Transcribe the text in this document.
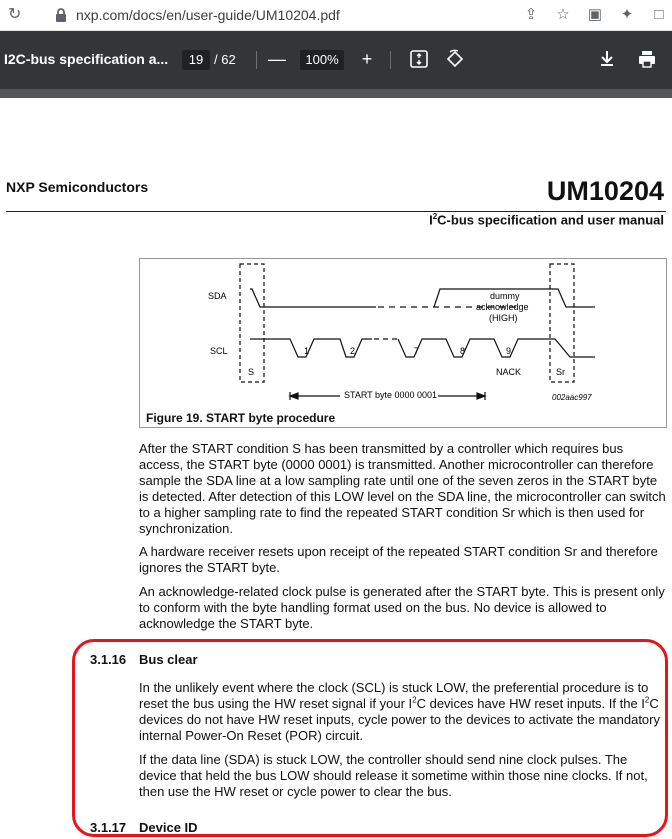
↻	nxp.com/docs/en/user-guide/UM10204.pdf	⇪ ☆ ▣ ✦ □
I2C-bus specification a...	19 / 62 —	100%	+
NXP Semiconductors	UM10204
$I^2C$-bus specification and user manual
SDA
SCL
S	Sr
NACK
dummy
acknowledge
(HIGH)
1	2	7	8	9
START byte 0000 0001	002aac997
Figure 19. START byte procedure

After the START condition S has been transmitted by a controller which requires bus access, the START byte (0000 0001) is transmitted. Another microcontroller can therefore sample the SDA line at a low sampling rate until one of the seven zeros in the START byte is detected. After detection of this LOW level on the SDA line, the microcontroller can switch to a higher sampling rate to find the repeated START condition Sr which is then used for synchronization.

A hardware receiver resets upon receipt of the repeated START condition Sr and therefore ignores the START byte.

An acknowledge-related clock pulse is generated after the START byte. This is present only to conform with the byte handling format used on the bus. No device is allowed to acknowledge the START byte.

3.1.16 Bus clear

In the unlikely event where the clock (SCL) is stuck LOW, the preferential procedure is to reset the bus using the HW reset signal if your $I^2C$ devices have HW reset inputs. If the $I^2C$ devices do not have HW reset inputs, cycle power to the devices to activate the mandatory internal Power-On Reset (POR) circuit.

If the data line (SDA) is stuck LOW, the controller should send nine clock pulses. The device that held the bus LOW should release it sometime within those nine clocks. If not, then use the HW reset or cycle power to clear the bus.

3.1.17 Device ID
